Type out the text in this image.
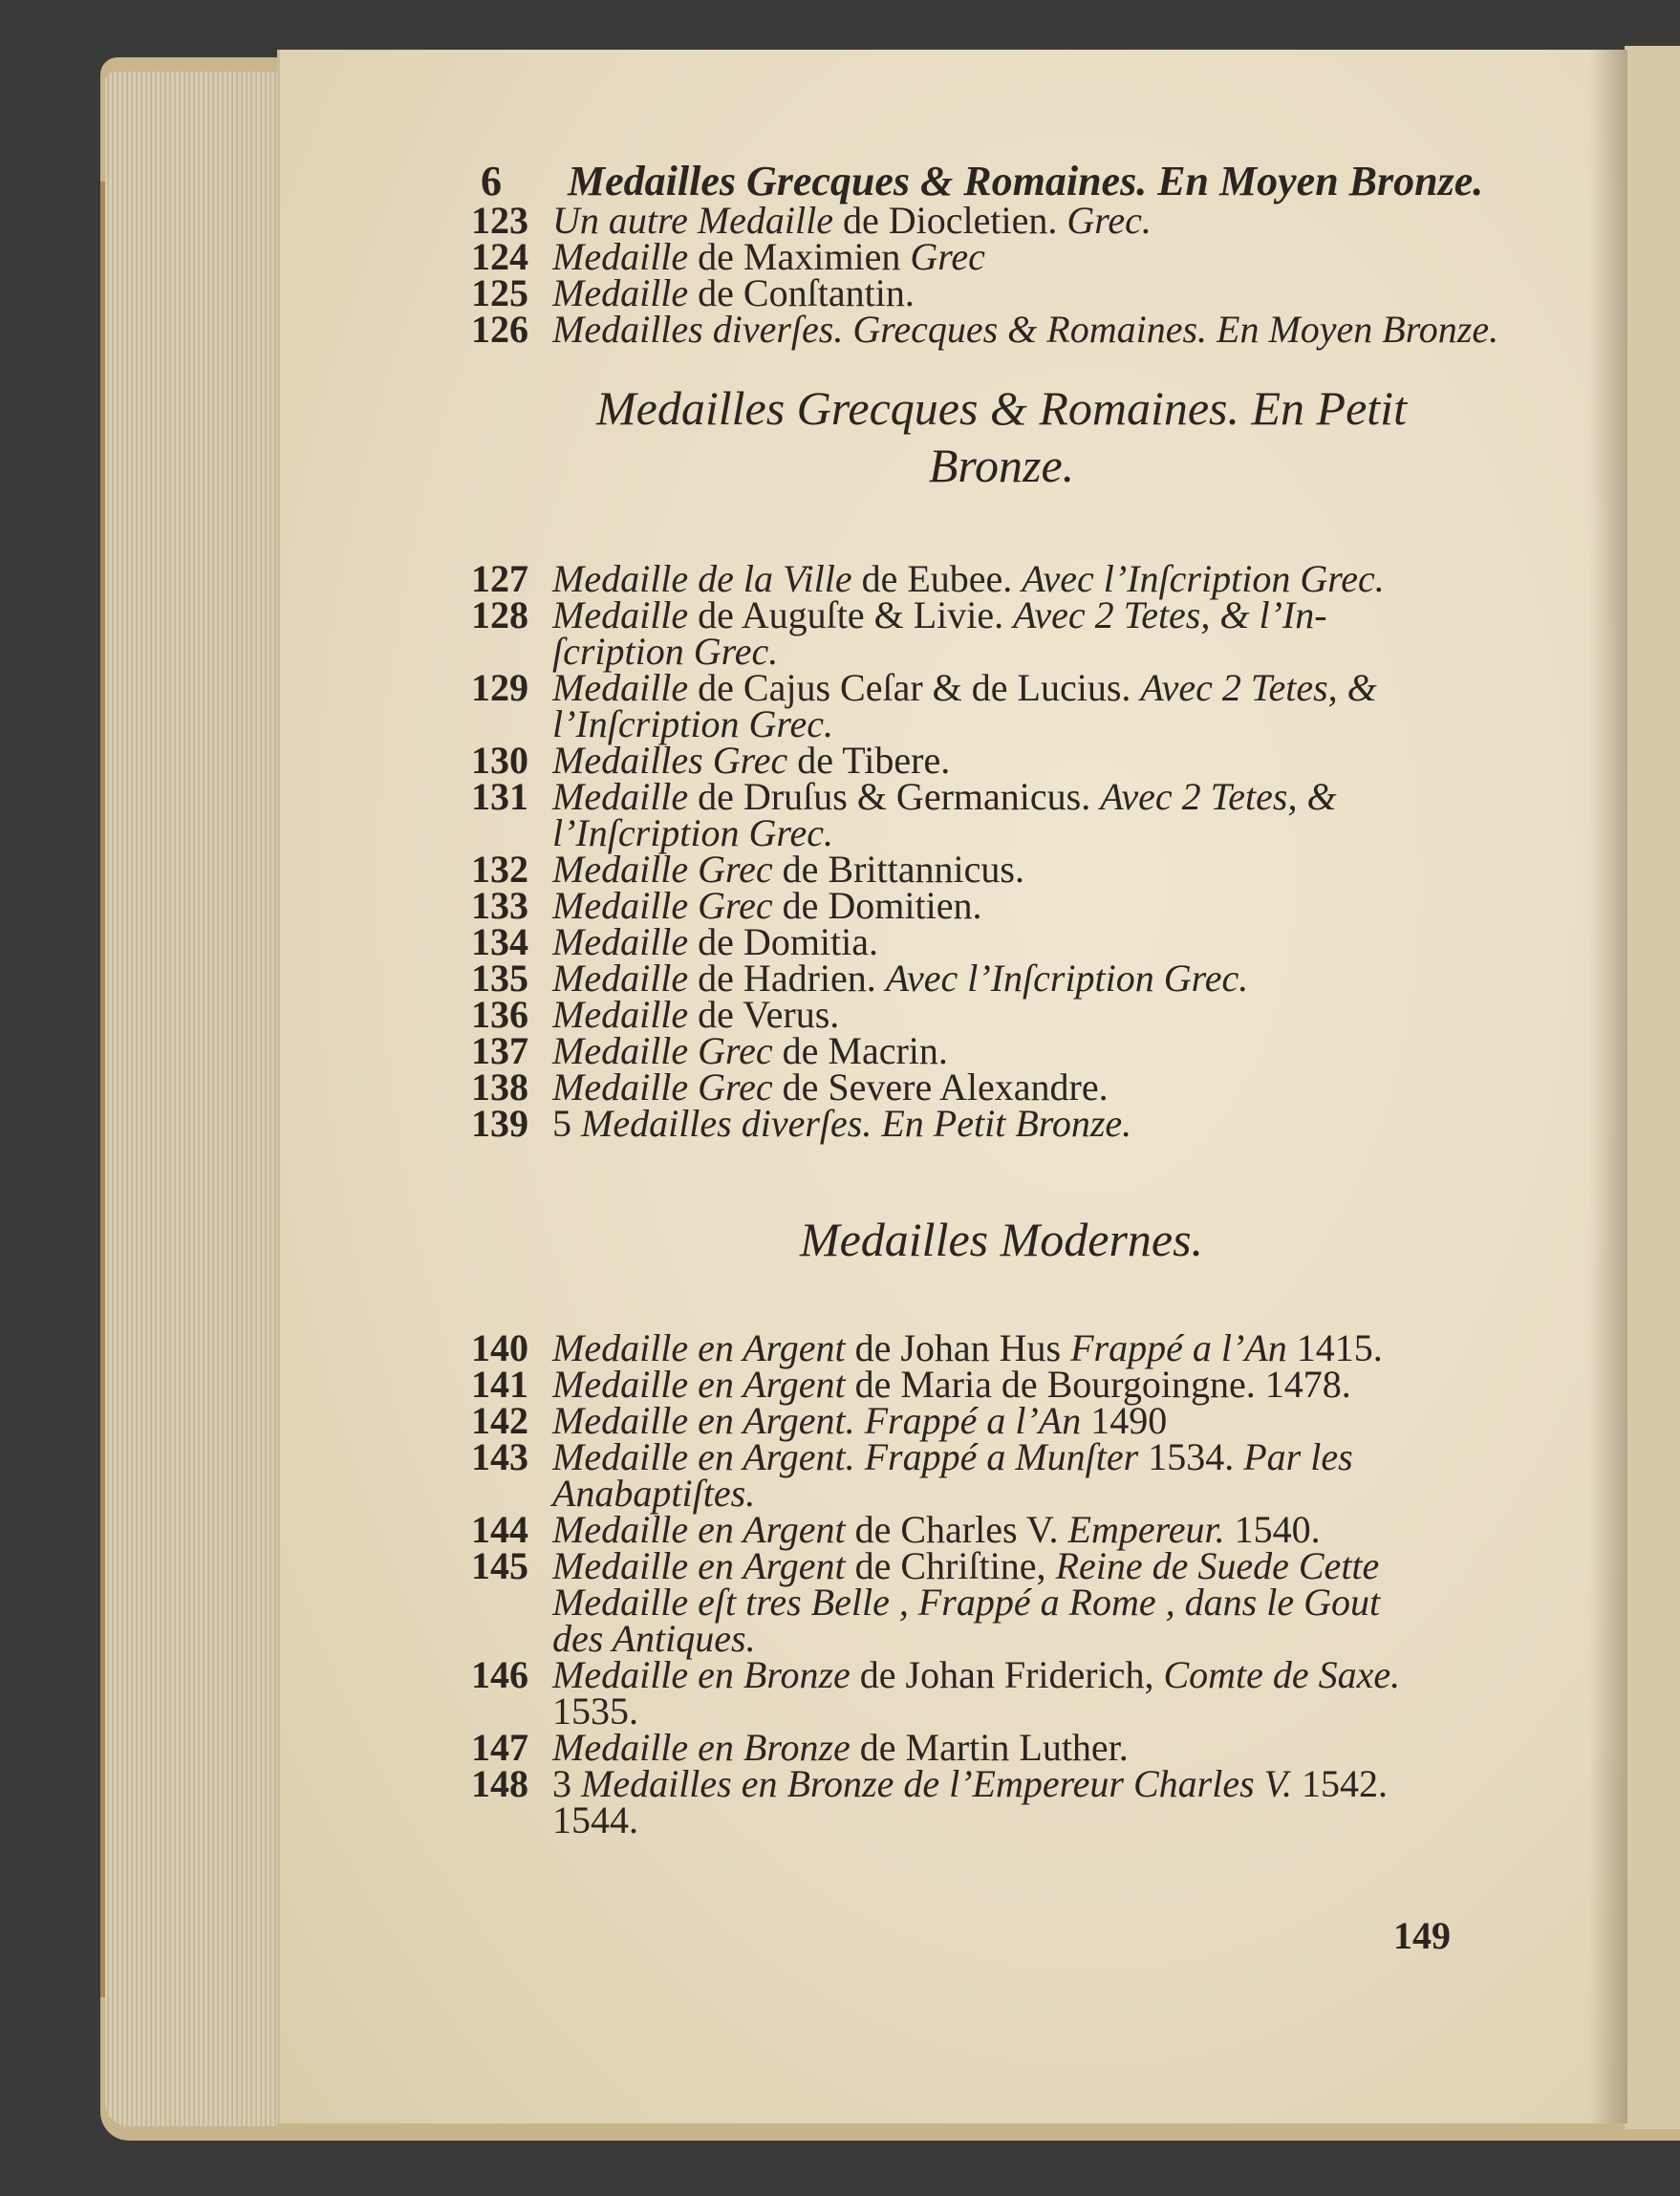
6 Medailles Grecques & Romaines. En Moyen Bronze.
123 Un autre Medaille de Diocletien. Grec.
124 Medaille de Maximien Grec
125 Medaille de Conſtantin.
126 Medailles diverſes. Grecques & Romaines. En Moyen Bronze.
Medailles Grecques & Romaines. En Petit
Bronze.
127 Medaille de la Ville de Eubee. Avec l’Inſcription Grec.
128 Medaille de Auguſte & Livie. Avec 2 Tetes, & l’In-
ſcription Grec.
129 Medaille de Cajus Ceſar & de Lucius. Avec 2 Tetes, &
l’Inſcription Grec.
130 Medailles Grec de Tibere.
131 Medaille de Druſus & Germanicus. Avec 2 Tetes, &
l’Inſcription Grec.
132 Medaille Grec de Brittannicus.
133 Medaille Grec de Domitien.
134 Medaille de Domitia.
135 Medaille de Hadrien. Avec l’Inſcription Grec.
136 Medaille de Verus.
137 Medaille Grec de Macrin.
138 Medaille Grec de Severe Alexandre.
139 5 Medailles diverſes. En Petit Bronze.
Medailles Modernes.
140 Medaille en Argent de Johan Hus Frappé a l’An 1415.
141 Medaille en Argent de Maria de Bourgoingne. 1478.
142 Medaille en Argent. Frappé a l’An 1490
143 Medaille en Argent. Frappé a Munſter 1534. Par les
Anabaptiſtes.
144 Medaille en Argent de Charles V. Empereur. 1540.
145 Medaille en Argent de Chriſtine, Reine de Suede Cette
Medaille eſt tres Belle , Frappé a Rome , dans le Gout
des Antiques.
146 Medaille en Bronze de Johan Friderich, Comte de Saxe.
1535.
147 Medaille en Bronze de Martin Luther.
148 3 Medailles en Bronze de l’Empereur Charles V. 1542.
1544.
149
